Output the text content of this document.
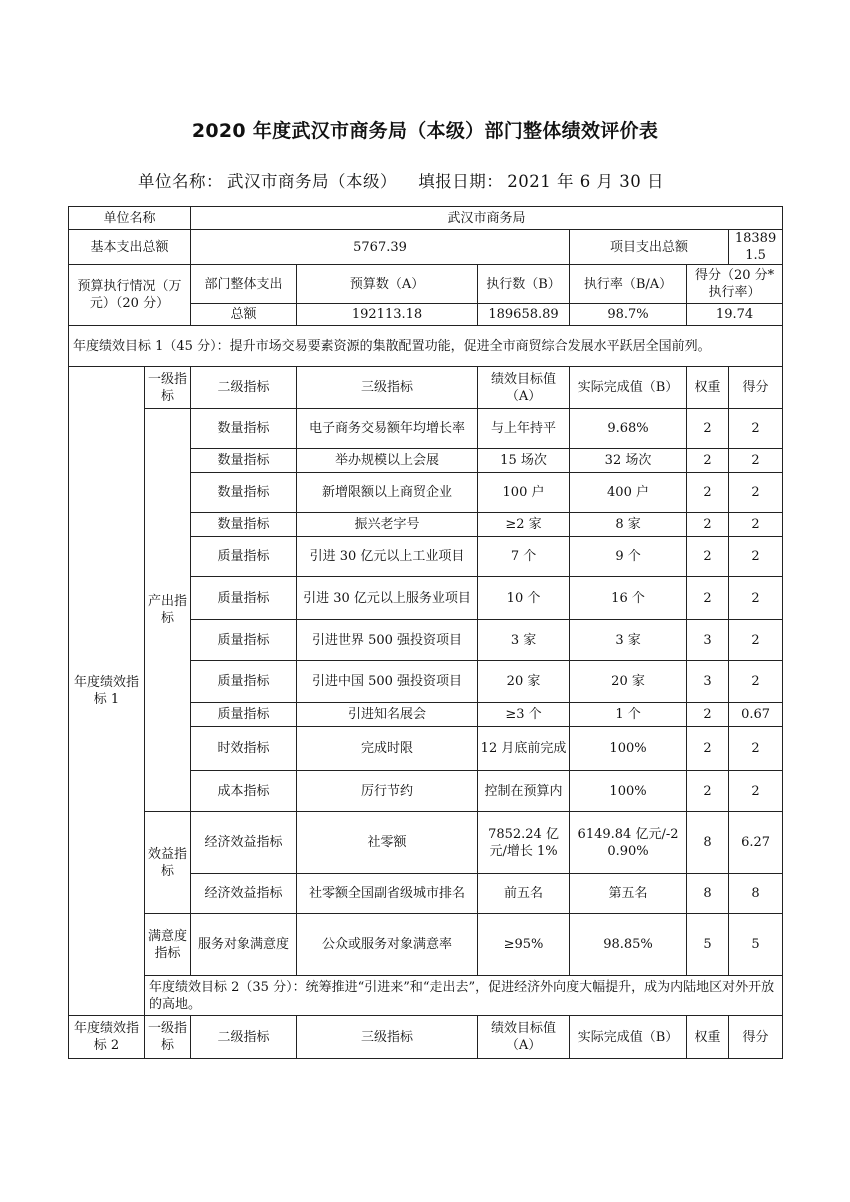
2020 年度武汉市商务局（本级）部门整体绩效评价表
单位名称： 武汉市商务局（本级） 填报日期： 2021 年 6 月 30 日
单位名称		武汉市商务局					
基本支出总额		5767.39			项目支出总额		183891.5
预算执行情况（万元）（20 分）		部门整体支出	预算数（A）	执行数（B）	执行率（B/A）	得分（20 分*执行率）	
		总额	192113.18	189658.89	98.7%	19.74	
年度绩效目标 1（45 分）：提升市场交易要素资源的集散配置功能，促进全市商贸综合发展水平跃居全国前列。							
年度绩效指标 1	一级指标	二级指标	三级指标	绩效目标值（A）	实际完成值（B）	权重	得分
	产出指标	数量指标	电子商务交易额年均增长率	与上年持平	9.68%	2	2
		数量指标	举办规模以上会展	15 场次	32 场次	2	2
		数量指标	新增限额以上商贸企业	100 户	400 户	2	2
		数量指标	振兴老字号	≥2 家	8 家	2	2
		质量指标	引进 30 亿元以上工业项目	7 个	9 个	2	2
		质量指标	引进 30 亿元以上服务业项目	10 个	16 个	2	2
		质量指标	引进世界 500 强投资项目	3 家	3 家	3	2
		质量指标	引进中国 500 强投资项目	20 家	20 家	3	2
		质量指标	引进知名展会	≥3 个	1 个	2	0.67
		时效指标	完成时限	12 月底前完成	100%	2	2
		成本指标	厉行节约	控制在预算内	100%	2	2
	效益指标	经济效益指标	社零额	7852.24 亿元/增长 1%	6149.84 亿元/-20.90%	8	6.27
		经济效益指标	社零额全国副省级城市排名	前五名	第五名	8	8
	满意度指标	服务对象满意度	公众或服务对象满意率	≥95%	98.85%	5	5
	年度绩效目标 2（35 分）：统筹推进“引进来”和“走出去”，促进经济外向度大幅提升，成为内陆地区对外开放的高地。						
年度绩效指标 2	一级指标	二级指标	三级指标	绩效目标值（A）	实际完成值（B）	权重	得分
